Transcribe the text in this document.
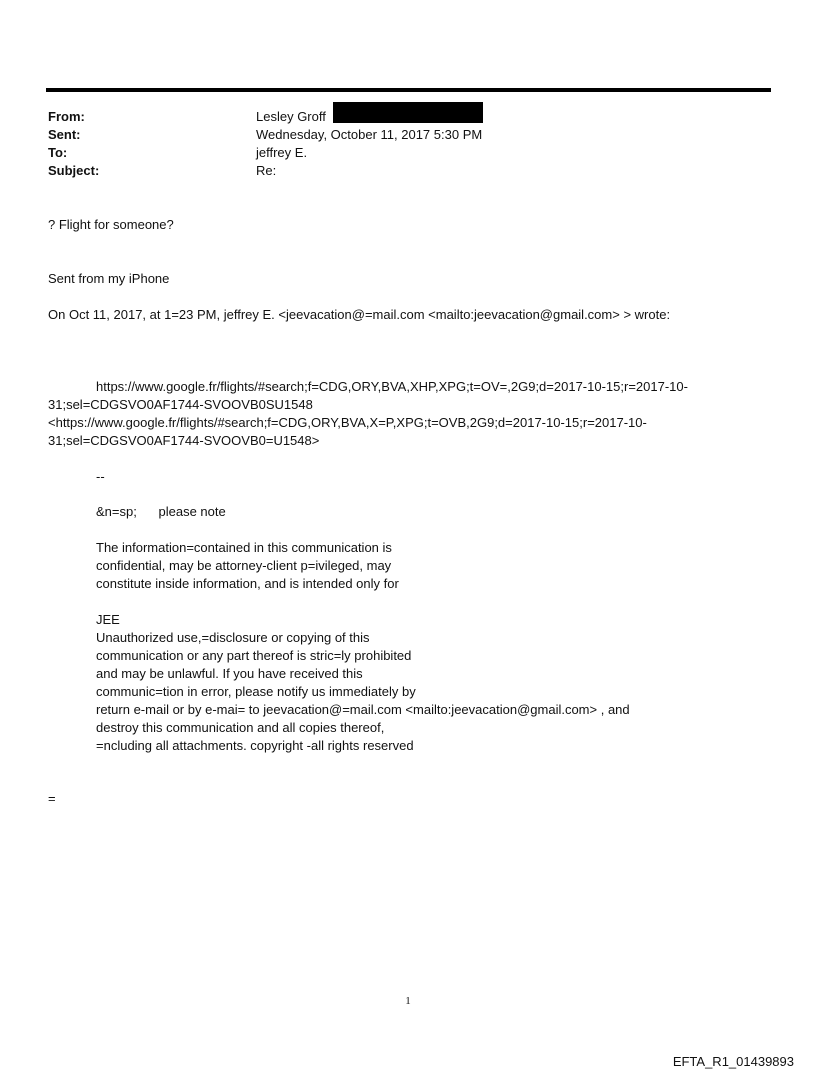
From:	Lesley Groff
Sent:	Wednesday, October 11, 2017 5:30 PM
To:	jeffrey E.
Subject:	Re:
? Flight for someone?
Sent from my iPhone
On Oct 11, 2017, at 1=23 PM, jeffrey E. <jeevacation@=mail.com <mailto:jeevacation@gmail.com> > wrote:
https://www.google.fr/flights/#search;f=CDG,ORY,BVA,XHP,XPG;t=OV=,2G9;d=2017-10-15;r=2017-10-
31;sel=CDGSVO0AF1744-SVOOVB0SU1548
<https://www.google.fr/flights/#search;f=CDG,ORY,BVA,X=P,XPG;t=OVB,2G9;d=2017-10-15;r=2017-10-
31;sel=CDGSVO0AF1744-SVOOVB0=U1548>
--
&n=sp;      please note
The information=contained in this communication is
confidential, may be attorney-client p=ivileged, may
constitute inside information, and is intended only for
JEE
Unauthorized use,=disclosure or copying of this
communication or any part thereof is stric=ly prohibited
and may be unlawful. If you have received this
communic=tion in error, please notify us immediately by
return e-mail or by e-mai= to jeevacation@=mail.com <mailto:jeevacation@gmail.com> , and
destroy this communication and all copies thereof,
=ncluding all attachments. copyright -all rights reserved
=
1
EFTA_R1_01439893
